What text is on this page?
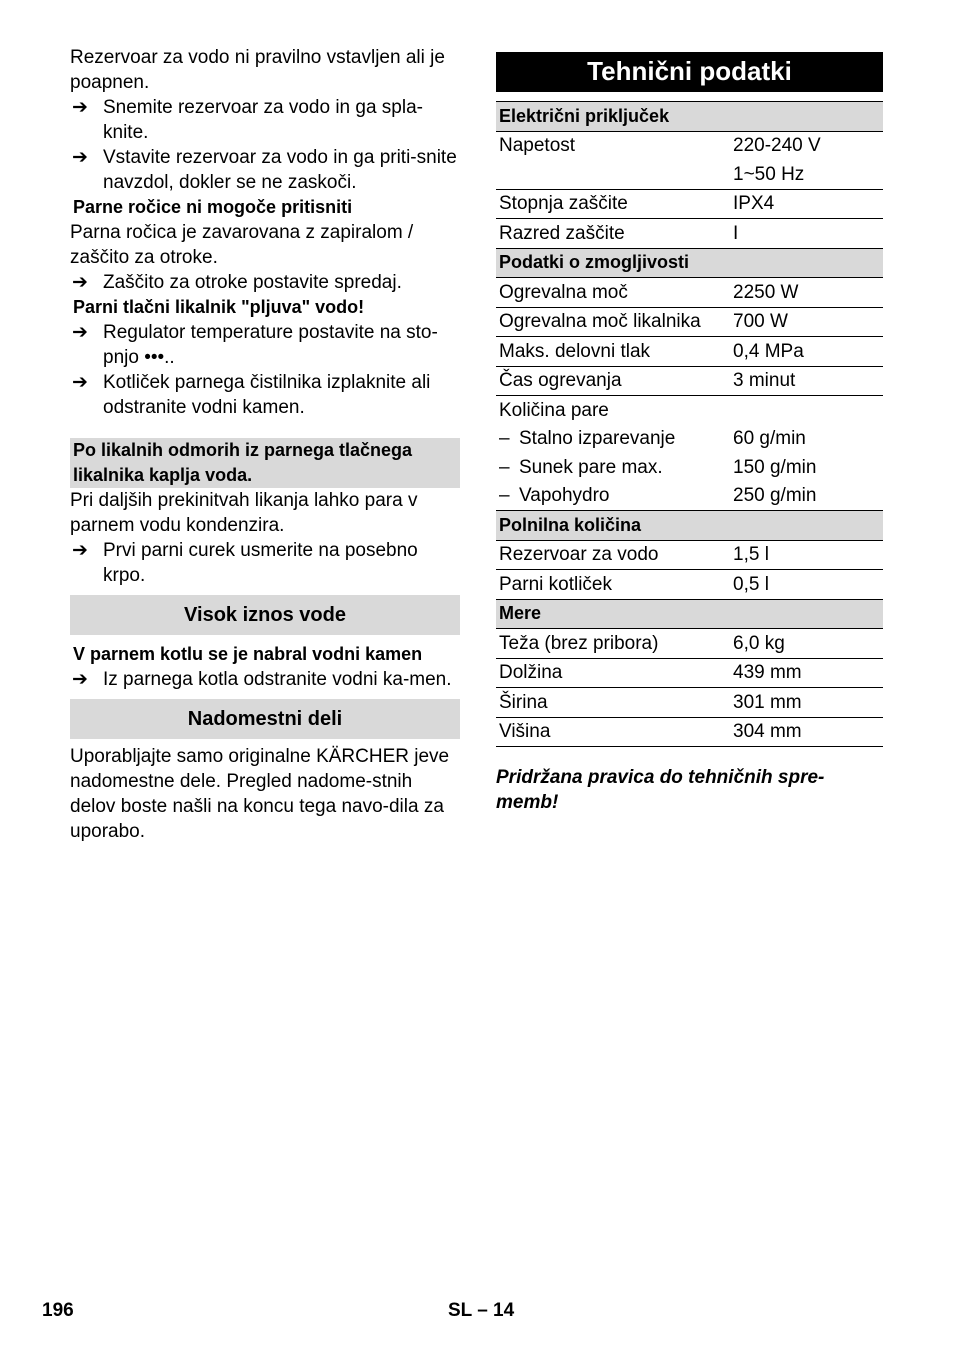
Rezervoar za vodo ni pravilno vstavljen ali je poapnen.

➔ Snemite rezervoar za vodo in ga spla-knite.
➔ Vstavite rezervoar za vodo in ga priti-snite navzdol, dokler se ne zaskoči.

Parne ročice ni mogoče pritisniti

Parna ročica je zavarovana z zapiralom / zaščito za otroke.

➔ Zaščito za otroke postavite spredaj.

Parni tlačni likalnik "pljuva" vodo!

➔ Regulator temperature postavite na sto-pnjo •••..
➔ Kotliček parnega čistilnika izplaknite ali odstranite vodni kamen.
Po likalnih odmorih iz parnega tlačnega likalnika kaplja voda.

Pri daljših prekinitvah likanja lahko para v parnem vodu kondenzira.

➔ Prvi parni curek usmerite na posebno krpo.
Visok iznos vode

V parnem kotlu se je nabral vodni kamen

➔ Iz parnega kotla odstranite vodni ka-men.
Nadomestni deli

Uporabljajte samo originalne KÄRCHER jeve nadomestne dele. Pregled nadome-stnih delov boste našli na koncu tega navo-dila za uporabo.

Tehnični podatki
Električni priključek	
Napetost	220-240 V
	1~50 Hz
Stopnja zaščite	IPX4
Razred zaščite	I
Podatki o zmogljivosti	
Ogrevalna moč	2250 W
Ogrevalna moč likalnika	700 W
Maks. delovni tlak	0,4 MPa
Čas ogrevanja	3 minut
Količina pare	
– Stalno izparevanje	60 g/min
– Sunek pare max.	150 g/min
– Vapohydro	250 g/min
Polnilna količina	
Rezervoar za vodo	1,5 l
Parni kotliček	0,5 l
Mere	
Teža (brez pribora)	6,0 kg
Dolžina	439 mm
Širina	301 mm
Višina	304 mm

Pridržana pravica do tehničnih spre-memb!

196	SL – 14
